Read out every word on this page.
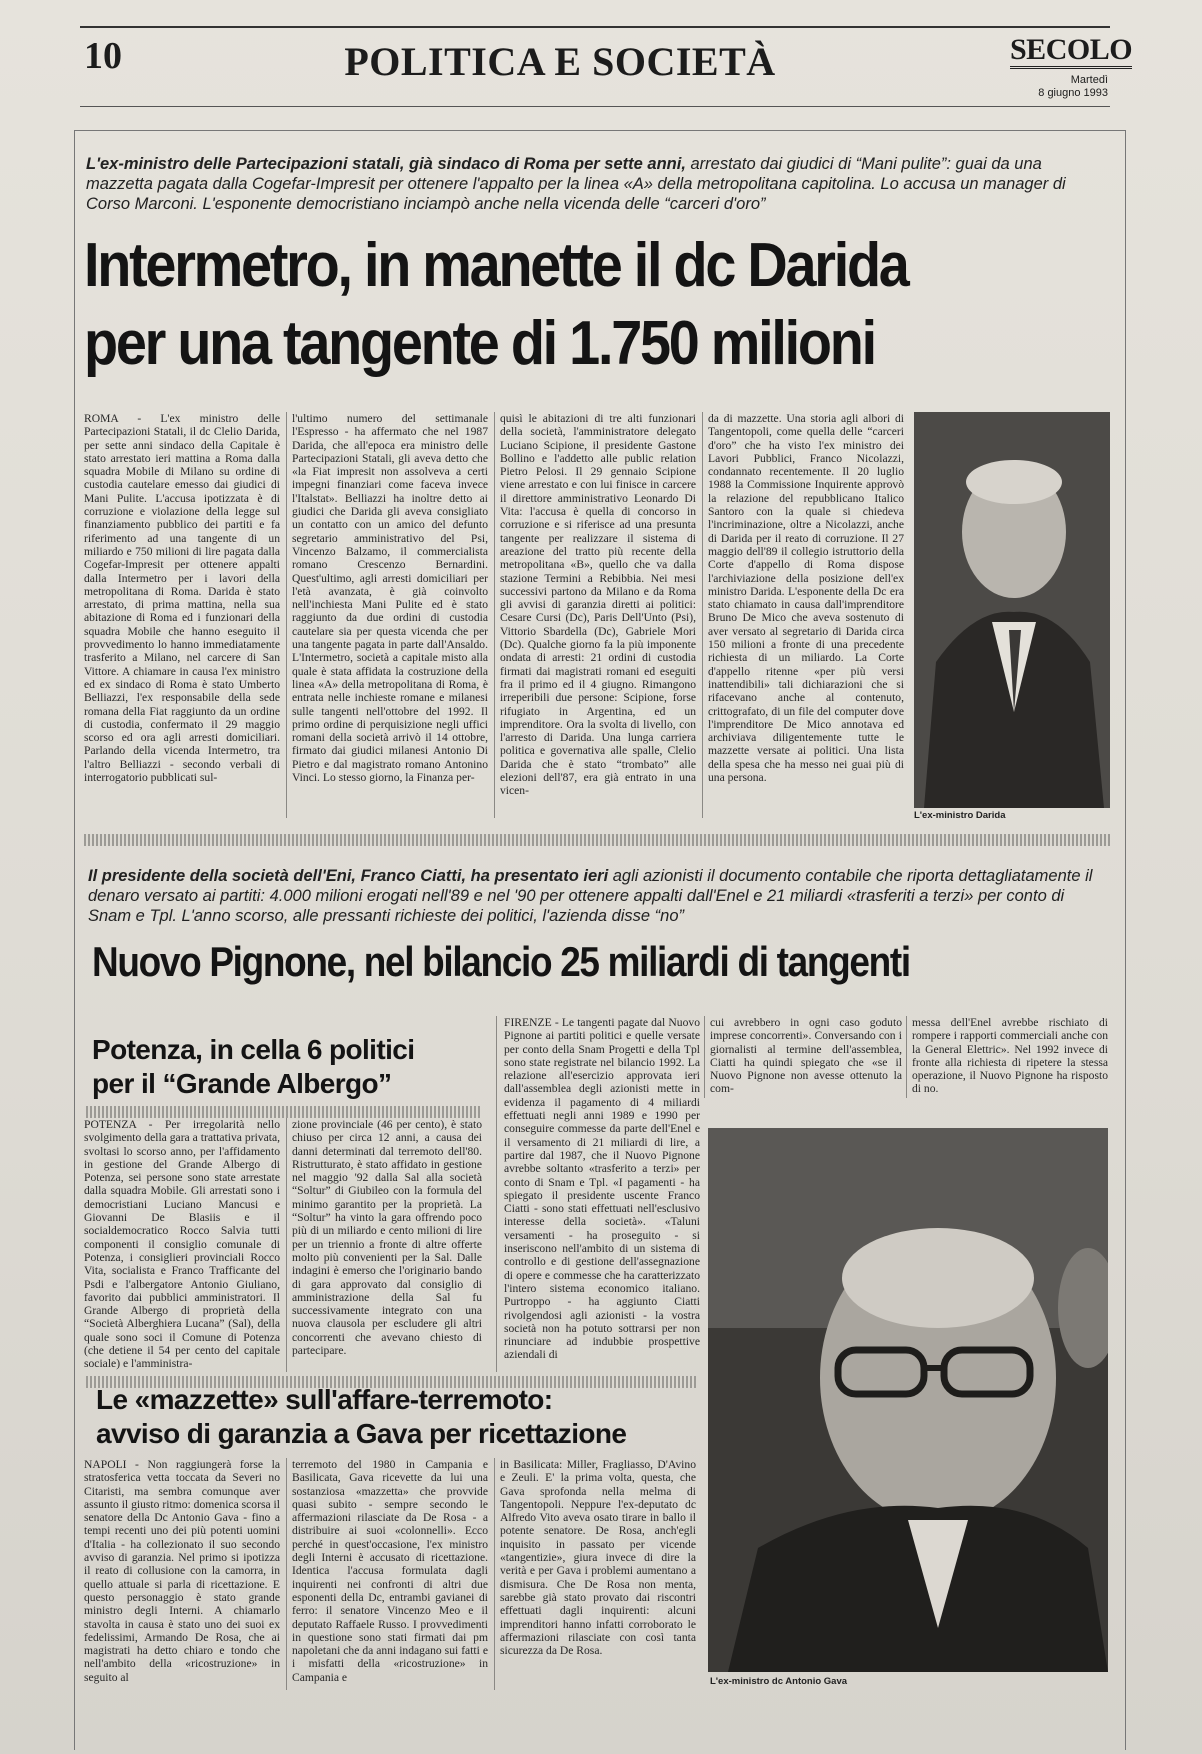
10	POLITICA E SOCIETÀ	SECOLO
Martedì
8 giugno 1993
L'ex-ministro delle Partecipazioni statali, già sindaco di Roma per sette anni, arrestato dai giudici di “Mani pulite”: guai da una mazzetta pagata dalla Cogefar-Impresit per ottenere l'appalto per la linea «A» della metropolitana capitolina. Lo accusa un manager di Corso Marconi. L'esponente democristiano inciampò anche nella vicenda delle “carceri d'oro”
Intermetro, in manette il dc Darida
per una tangente di 1.750 milioni

ROMA - L'ex ministro delle Partecipazioni Statali, il dc Clelio Darida, per sette anni sindaco della Capitale è stato arrestato ieri mattina a Roma dalla squadra Mobile di Milano su ordine di custodia cautelare emesso dai giudici di Mani Pulite. L'accusa ipotizzata è di corruzione e violazione della legge sul finanziamento pubblico dei partiti e fa riferimento ad una tangente di un miliardo e 750 milioni di lire pagata dalla Cogefar-Impresit per ottenere appalti dalla Intermetro per i lavori della metropolitana di Roma. Darida è stato arrestato, di prima mattina, nella sua abitazione di Roma ed i funzionari della squadra Mobile che hanno eseguito il provvedimento lo hanno immediatamente trasferito a Milano, nel carcere di San Vittore. A chiamare in causa l'ex ministro ed ex sindaco di Roma è stato Umberto Belliazzi, l'ex responsabile della sede romana della Fiat raggiunto da un ordine di custodia, confermato il 29 maggio scorso ed ora agli arresti domiciliari. Parlando della vicenda Intermetro, tra l'altro Belliazzi - secondo verbali di interrogatorio pubblicati sul-

l'ultimo numero del settimanale l'Espresso - ha affermato che nel 1987 Darida, che all'epoca era ministro delle Partecipazioni Statali, gli aveva detto che «la Fiat impresit non assolveva a certi impegni finanziari come faceva invece l'Italstat». Belliazzi ha inoltre detto ai giudici che Darida gli aveva consigliato un contatto con un amico del defunto segretario amministrativo del Psi, Vincenzo Balzamo, il commercialista romano Crescenzo Bernardini. Quest'ultimo, agli arresti domiciliari per l'età avanzata, è già coinvolto nell'inchiesta Mani Pulite ed è stato raggiunto da due ordini di custodia cautelare sia per questa vicenda che per una tangente pagata in parte dall'Ansaldo. L'Intermetro, società a capitale misto alla quale è stata affidata la costruzione della linea «A» della metropolitana di Roma, è entrata nelle inchieste romane e milanesi sulle tangenti nell'ottobre del 1992. Il primo ordine di perquisizione negli uffici romani della società arrivò il 14 ottobre, firmato dai giudici milanesi Antonio Di Pietro e dal magistrato romano Antonino Vinci. Lo stesso giorno, la Finanza per-

quisì le abitazioni di tre alti funzionari della società, l'amministratore delegato Luciano Scipione, il presidente Gastone Bollino e l'addetto alle public relation Pietro Pelosi. Il 29 gennaio Scipione viene arrestato e con lui finisce in carcere il direttore amministrativo Leonardo Di Vita: l'accusa è quella di concorso in corruzione e si riferisce ad una presunta tangente per realizzare il sistema di areazione del tratto più recente della metropolitana «B», quello che va dalla stazione Termini a Rebibbia. Nei mesi successivi partono da Milano e da Roma gli avvisi di garanzia diretti ai politici: Cesare Cursi (Dc), Paris Dell'Unto (Psi), Vittorio Sbardella (Dc), Gabriele Mori (Dc). Qualche giorno fa la più imponente ondata di arresti: 21 ordini di custodia firmati dai magistrati romani ed eseguiti fra il primo ed il 4 giugno. Rimangono irreperibili due persone: Scipione, forse rifugiato in Argentina, ed un imprenditore. Ora la svolta di livello, con l'arresto di Darida. Una lunga carriera politica e governativa alle spalle, Clelio Darida che è stato “trombato” alle elezioni dell'87, era già entrato in una vicen-

da di mazzette. Una storia agli albori di Tangentopoli, come quella delle “carceri d'oro” che ha visto l'ex ministro dei Lavori Pubblici, Franco Nicolazzi, condannato recentemente. Il 20 luglio 1988 la Commissione Inquirente approvò la relazione del repubblicano Italico Santoro con la quale si chiedeva l'incriminazione, oltre a Nicolazzi, anche di Darida per il reato di corruzione. Il 27 maggio dell'89 il collegio istruttorio della Corte d'appello di Roma dispose l'archiviazione della posizione dell'ex ministro Darida. L'esponente della Dc era stato chiamato in causa dall'imprenditore Bruno De Mico che aveva sostenuto di aver versato al segretario di Darida circa 150 milioni a fronte di una precedente richiesta di un miliardo. La Corte d'appello ritenne «per più versi inattendibili» tali dichiarazioni che si rifacevano anche al contenuto, crittografato, di un file del computer dove l'imprenditore De Mico annotava ed archiviava diligentemente tutte le mazzette versate ai politici. Una lista della spesa che ha messo nei guai più di una persona.

L'ex-ministro Darida
Il presidente della società dell'Eni, Franco Ciatti, ha presentato ieri agli azionisti il documento contabile che riporta dettagliatamente il denaro versato ai partiti: 4.000 milioni erogati nell'89 e nel '90 per ottenere appalti dall'Enel e 21 miliardi «trasferiti a terzi» per conto di Snam e Tpl. L'anno scorso, alle pressanti richieste dei politici, l'azienda disse “no”
Nuovo Pignone, nel bilancio 25 miliardi di tangenti
Potenza, in cella 6 politici
per il “Grande Albergo”

POTENZA - Per irregolarità nello svolgimento della gara a trattativa privata, svoltasi lo scorso anno, per l'affidamento in gestione del Grande Albergo di Potenza, sei persone sono state arrestate dalla squadra Mobile. Gli arrestati sono i democristiani Luciano Mancusi e Giovanni De Blasiis e il socialdemocratico Rocco Salvia tutti componenti il consiglio comunale di Potenza, i consiglieri provinciali Rocco Vita, socialista e Franco Trafficante del Psdi e l'albergatore Antonio Giuliano, favorito dai pubblici amministratori. Il Grande Albergo di proprietà della “Società Alberghiera Lucana” (Sal), della quale sono soci il Comune di Potenza (che detiene il 54 per cento del capitale sociale) e l'amministra-

zione provinciale (46 per cento), è stato chiuso per circa 12 anni, a causa dei danni determinati dal terremoto dell'80. Ristrutturato, è stato affidato in gestione nel maggio '92 dalla Sal alla società “Soltur” di Giubileo con la formula del minimo garantito per la proprietà. La “Soltur” ha vinto la gara offrendo poco più di un miliardo e cento milioni di lire per un triennio a fronte di altre offerte molto più convenienti per la Sal. Dalle indagini è emerso che l'originario bando di gara approvato dal consiglio di amministrazione della Sal fu successivamente integrato con una nuova clausola per escludere gli altri concorrenti che avevano chiesto di partecipare.

FIRENZE - Le tangenti pagate dal Nuovo Pignone ai partiti politici e quelle versate per conto della Snam Progetti e della Tpl sono state registrate nel bilancio 1992. La relazione all'esercizio approvata ieri dall'assemblea degli azionisti mette in evidenza il pagamento di 4 miliardi effettuati negli anni 1989 e 1990 per conseguire commesse da parte dell'Enel e il versamento di 21 miliardi di lire, a partire dal 1987, che il Nuovo Pignone avrebbe soltanto «trasferito a terzi» per conto di Snam e Tpl. «I pagamenti - ha spiegato il presidente uscente Franco Ciatti - sono stati effettuati nell'esclusivo interesse della società». «Taluni versamenti - ha proseguito - si inseriscono nell'ambito di un sistema di controllo e di gestione dell'assegnazione di opere e commesse che ha caratterizzato l'intero sistema economico italiano. Purtroppo - ha aggiunto Ciatti rivolgendosi agli azionisti - la vostra società non ha potuto sottrarsi per non rinunciare ad indubbie prospettive aziendali di

cui avrebbero in ogni caso goduto imprese concorrenti». Conversando con i giornalisti al termine dell'assemblea, Ciatti ha quindi spiegato che «se il Nuovo Pignone non avesse ottenuto la com-

messa dell'Enel avrebbe rischiato di rompere i rapporti commerciali anche con la General Elettric». Nel 1992 invece di fronte alla richiesta di ripetere la stessa operazione, il Nuovo Pignone ha risposto di no.

L'ex-ministro dc Antonio Gava
Le «mazzette» sull'affare-terremoto:
avviso di garanzia a Gava per ricettazione

NAPOLI - Non raggiungerà forse la stratosferica vetta toccata da Severi no Citaristi, ma sembra comunque aver assunto il giusto ritmo: domenica scorsa il senatore della Dc Antonio Gava - fino a tempi recenti uno dei più potenti uomini d'Italia - ha collezionato il suo secondo avviso di garanzia. Nel primo si ipotizza il reato di collusione con la camorra, in quello attuale si parla di ricettazione. E questo personaggio è stato grande ministro degli Interni. A chiamarlo stavolta in causa è stato uno dei suoi ex fedelissimi, Armando De Rosa, che ai magistrati ha detto chiaro e tondo che nell'ambito della «ricostruzione» in seguito al

terremoto del 1980 in Campania e Basilicata, Gava ricevette da lui una sostanziosa «mazzetta» che provvide quasi subito - sempre secondo le affermazioni rilasciate da De Rosa - a distribuire ai suoi «colonnelli». Ecco perché in quest'occasione, l'ex ministro degli Interni è accusato di ricettazione. Identica l'accusa formulata dagli inquirenti nei confronti di altri due esponenti della Dc, entrambi gavianei di ferro: il senatore Vincenzo Meo e il deputato Raffaele Russo. I provvedimenti in questione sono stati firmati dai pm napoletani che da anni indagano sui fatti e i misfatti della «ricostruzione» in Campania e

in Basilicata: Miller, Fragliasso, D'Avino e Zeuli. E' la prima volta, questa, che Gava sprofonda nella melma di Tangentopoli. Neppure l'ex-deputato dc Alfredo Vito aveva osato tirare in ballo il potente senatore. De Rosa, anch'egli inquisito in passato per vicende «tangentizie», giura invece di dire la verità e per Gava i problemi aumentano a dismisura. Che De Rosa non menta, sarebbe già stato provato dai riscontri effettuati dagli inquirenti: alcuni imprenditori hanno infatti corroborato le affermazioni rilasciate con così tanta sicurezza da De Rosa.
